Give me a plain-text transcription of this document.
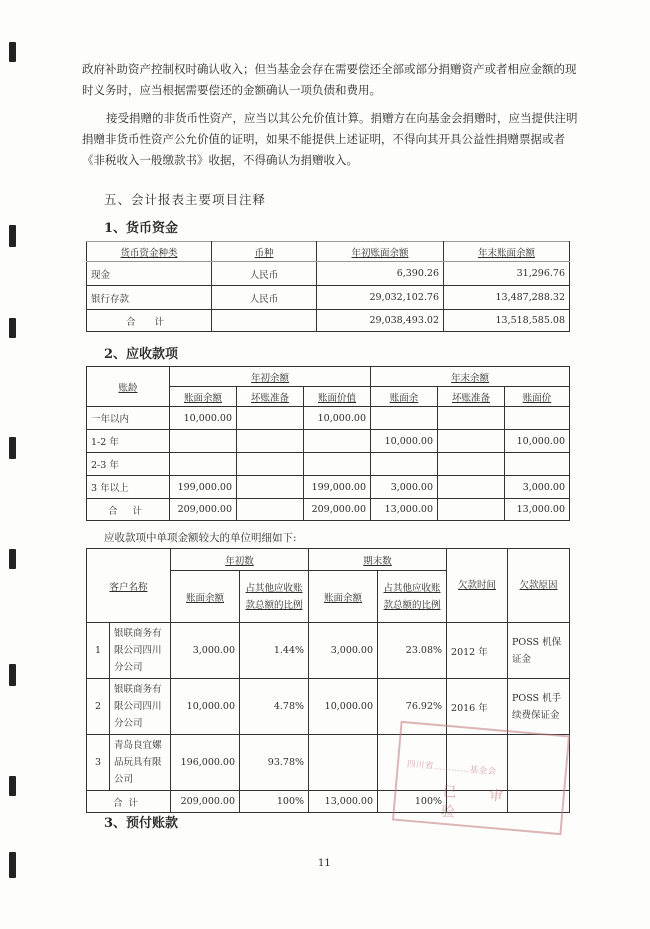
政府补助资产控制权时确认收入；但当基金会存在需要偿还全部或部分捐赠资产或者相应金额的现时义务时，应当根据需要偿还的金额确认一项负债和费用。

接受捐赠的非货币性资产，应当以其公允价值计算。捐赠方在向基金会捐赠时，应当提供注明捐赠非货币性资产公允价值的证明，如果不能提供上述证明，不得向其开具公益性捐赠票据或者《非税收入一般缴款书》收据，不得确认为捐赠收入。

五、会计报表主要项目注释
1、货币资金
货币资金种类	币种	年初账面余额	年末账面余额
现金	人民币	6,390.26	31,296.76
银行存款	人民币	29,032,102.76	13,487,288.32
合 计		29,038,493.02	13,518,585.08
2、应收款项
账龄	年初余额			年末余额		
	账面余额	坏账准备	账面价值	账面余	坏账准备	账面价
一年以内	10,000.00		10,000.00			
1-2 年				10,000.00		10,000.00
2-3 年						
3 年以上	199,000.00		199,000.00	3,000.00		3,000.00
合 计	209,000.00		209,000.00	13,000.00		13,000.00
应收款项中单项金额较大的单位明细如下:
客户名称		年初数		期末数		欠款时间	欠款原因
		账面余额	占其他应收账款总额的比例	账面余额	占其他应收账款总额的比例		
1	银联商务有限公司四川分公司	3,000.00	1.44%	3,000.00	23.08%	2012 年	POSS 机保证金
2	银联商务有限公司四川分公司	10,000.00	4.78%	10,000.00	76.92%	2016 年	POSS 机手续费保证金
3	青岛良宜嫘品玩具有限公司	196,000.00	93.78%				
合计		209,000.00	100%	13,000.00	100%		
四川省…………基金会
已 审 验
3、预付账款
11
